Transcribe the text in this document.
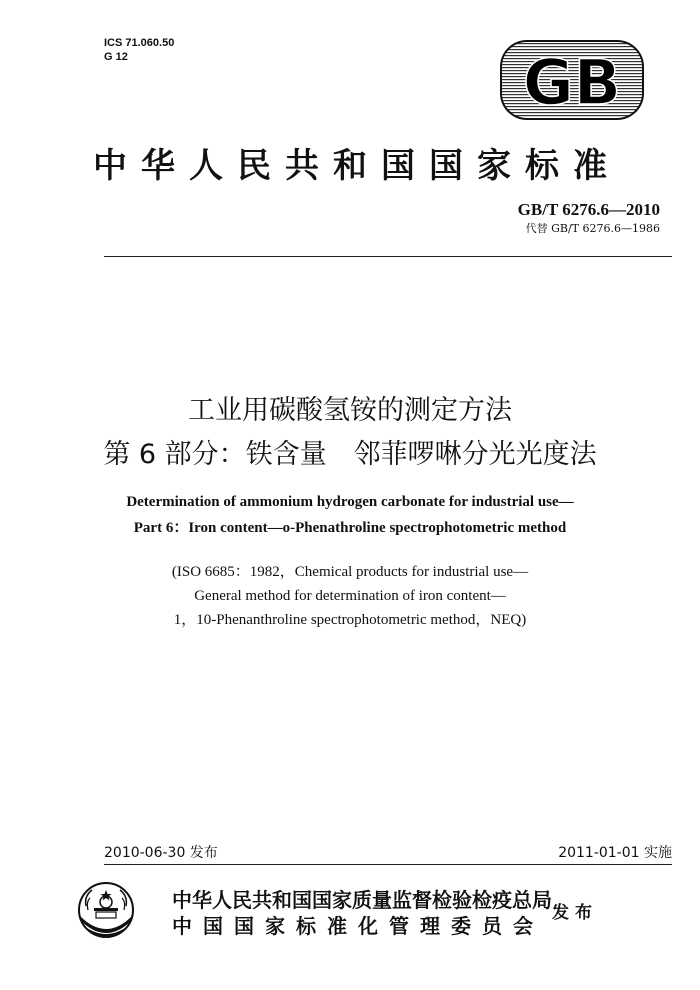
ICS 71.060.50
G 12	GB
中华人民共和国国家标准
GB/T 6276.6—2010
代替 GB/T 6276.6—1986
工业用碳酸氢铵的测定方法
第 6 部分：铁含量　邻菲啰啉分光光度法
Determination of ammonium hydrogen carbonate for industrial use—
Part 6：Iron content—o-Phenathroline spectrophotometric method
(ISO 6685：1982，Chemical products for industrial use—
General method for determination of iron content—
1，10-Phenanthroline spectrophotometric method，NEQ)
2010-06-30 发布	2011-01-01 实施
中华人民共和国国家质量监督检验检疫总局
中国国家标准化管理委员会
发布
